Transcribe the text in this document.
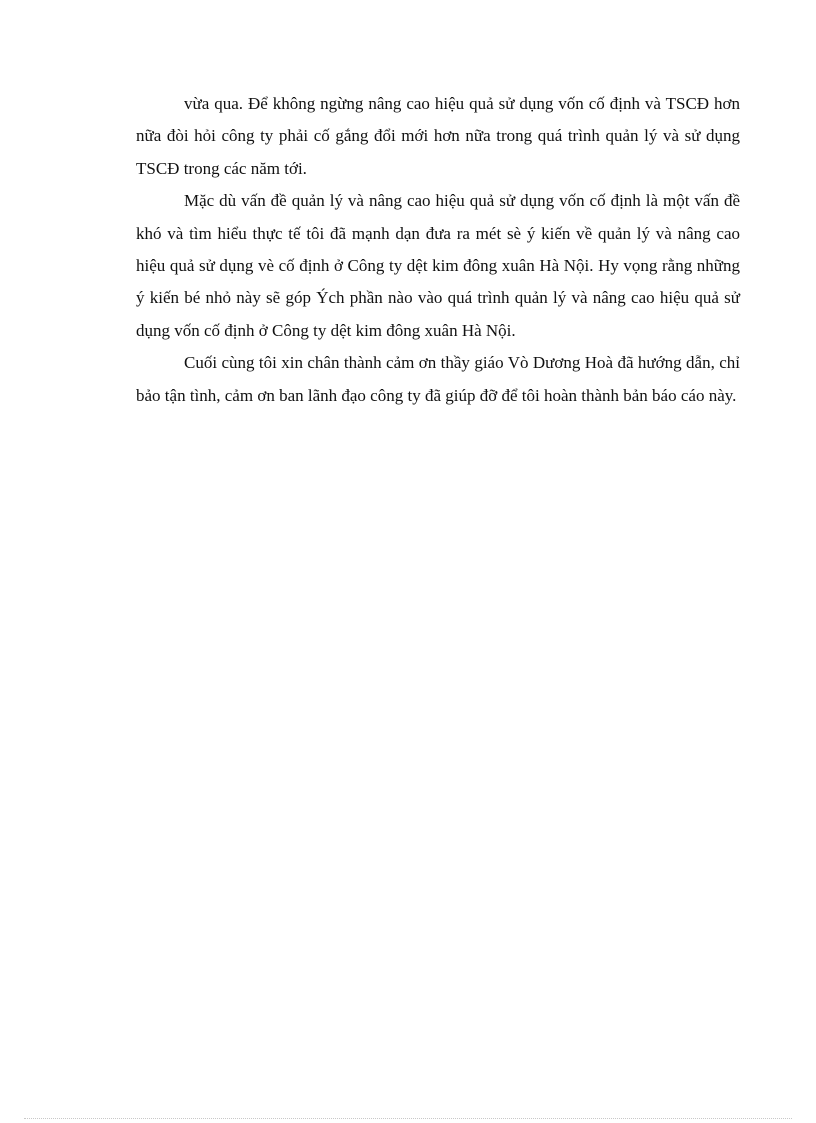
vừa qua. Để không ngừng nâng cao hiệu quả sử dụng vốn cố định và TSCĐ hơn nữa đòi hỏi công ty phải cố gắng đổi mới hơn nữa trong quá trình quản lý và sử dụng TSCĐ trong các năm tới.

Mặc dù vấn đề quản lý và nâng cao hiệu quả sử dụng vốn cố định là một vấn đề khó và tìm hiểu thực tế tôi đã mạnh dạn đưa ra mét sè ý kiến về quản lý và nâng cao hiệu quả sử dụng vè cố định ở Công ty dệt kim đông xuân Hà Nội. Hy vọng rằng những ý kiến bé nhỏ này sẽ góp Ých phần nào vào quá trình quản lý và nâng cao hiệu quả sử dụng vốn cố định ở Công ty dệt kim đông xuân Hà Nội.

Cuối cùng tôi xin chân thành cảm ơn thầy giáo Vò Dương Hoà đã hướng dẫn, chỉ bảo tận tình, cảm ơn ban lãnh đạo công ty đã giúp đỡ để tôi hoàn thành bản báo cáo này.
